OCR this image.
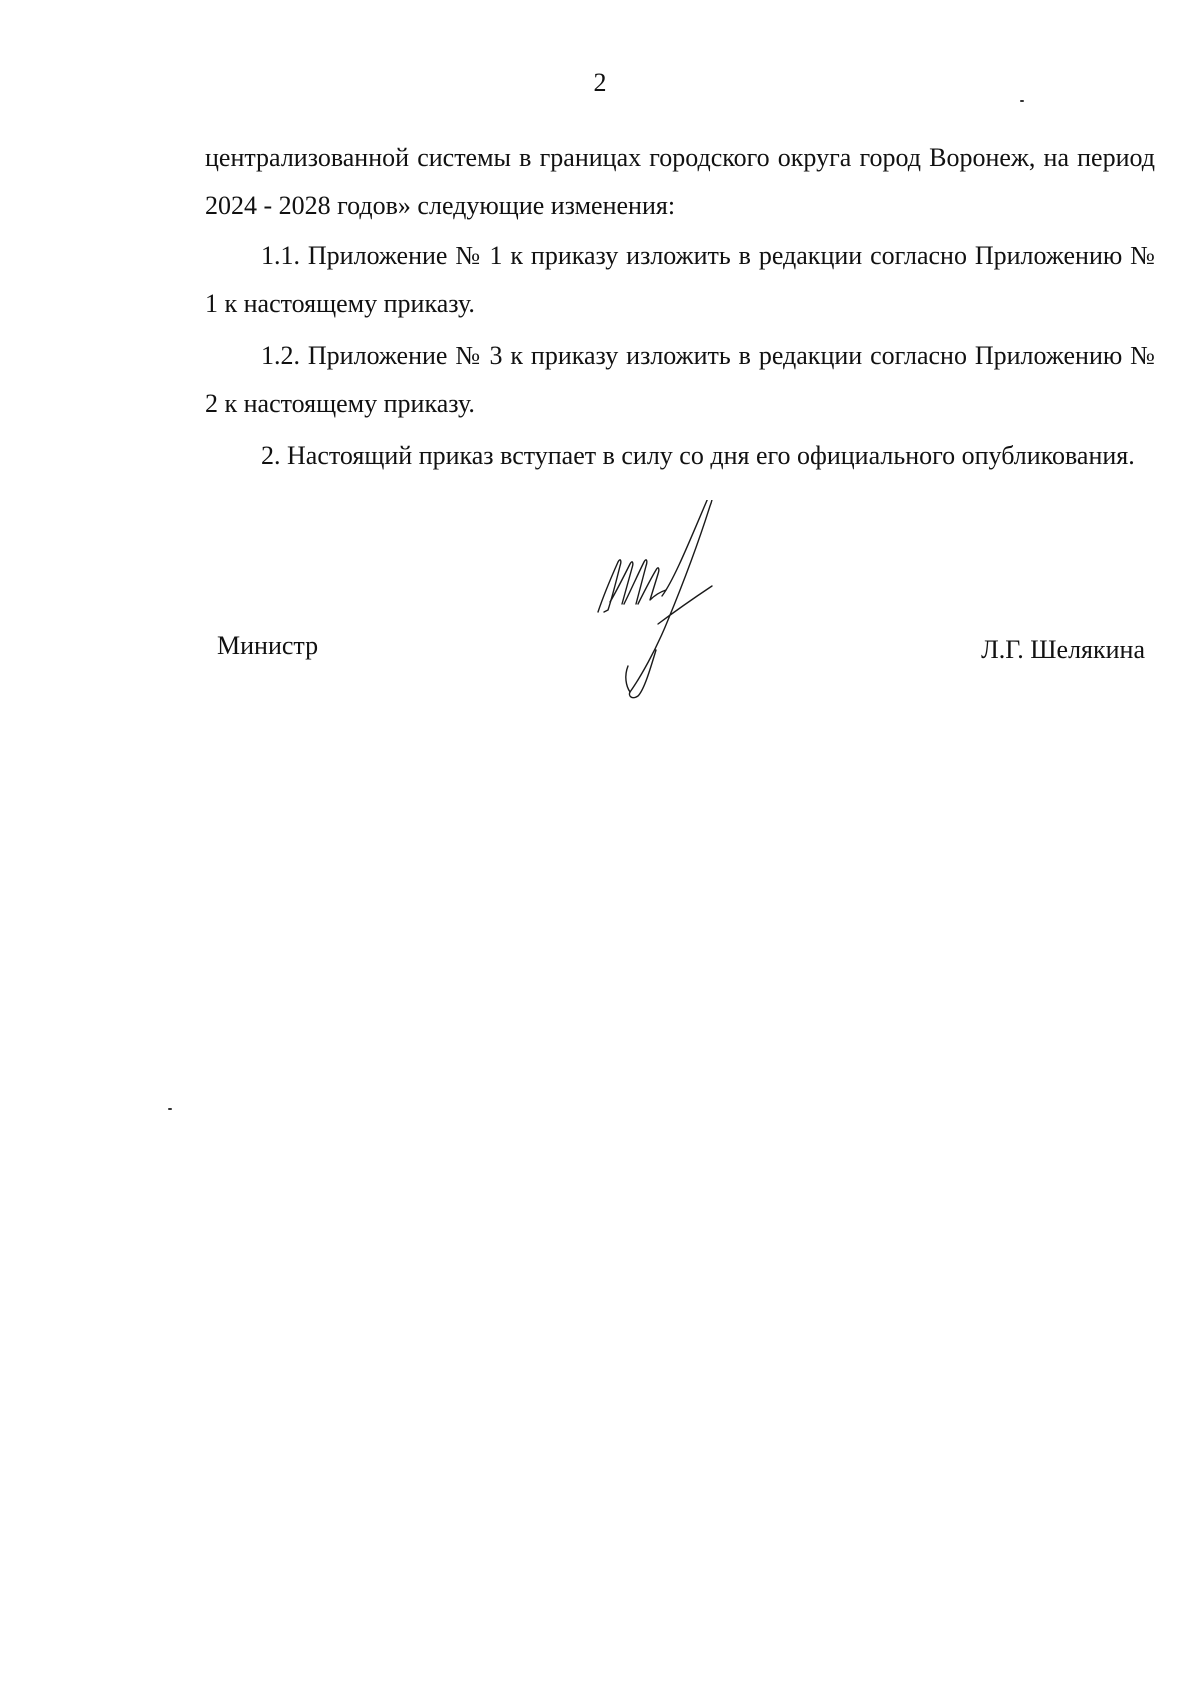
2

централизованной системы в границах городского округа город Воронеж, на период 2024 - 2028 годов» следующие изменения:

1.1. Приложение № 1 к приказу изложить в редакции согласно Приложению № 1 к настоящему приказу.

1.2. Приложение № 3 к приказу изложить в редакции согласно Приложению № 2 к настоящему приказу.

2. Настоящий приказ вступает в силу со дня его официального опубликования.

Министр	Л.Г. Шелякина
